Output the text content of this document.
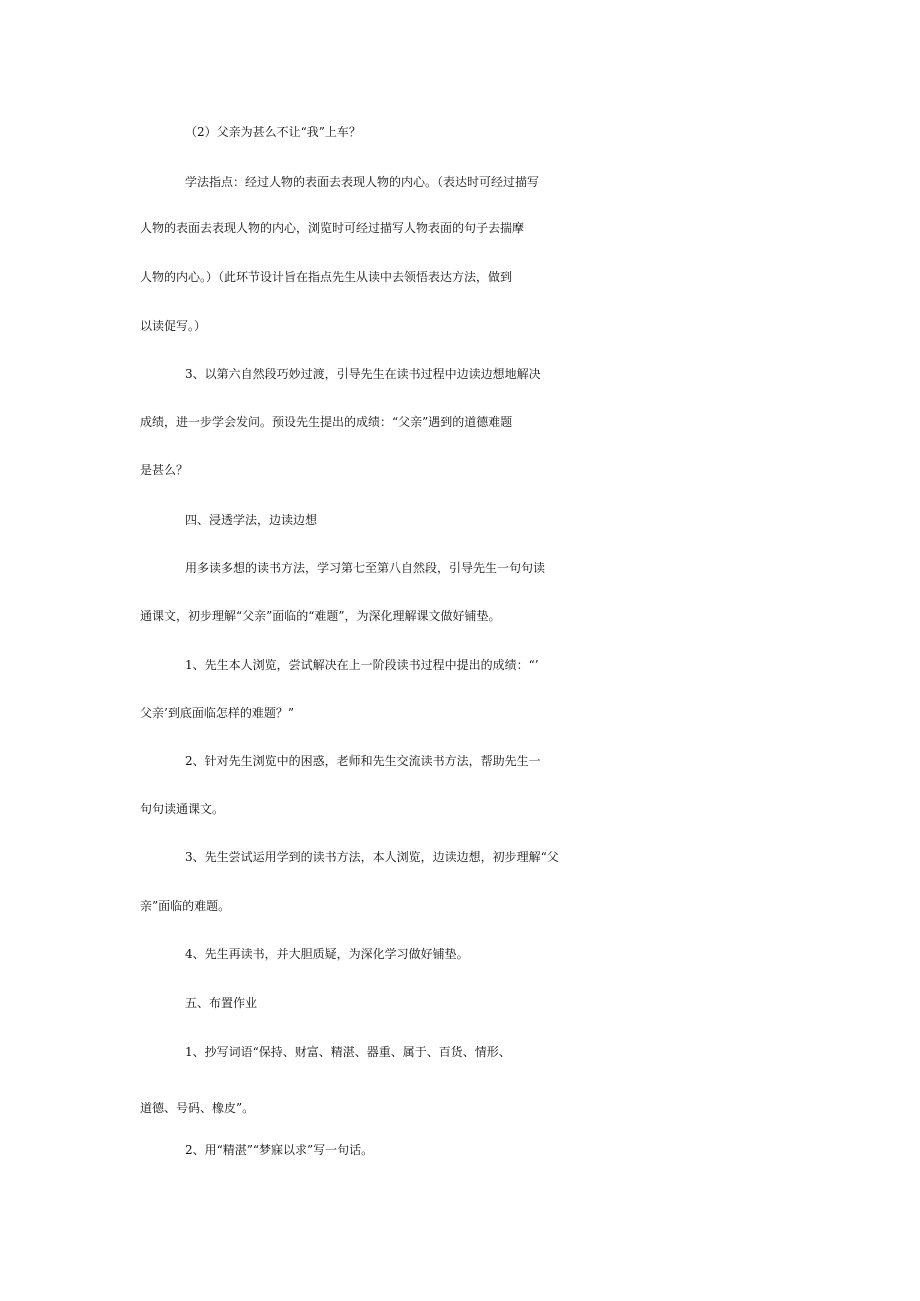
（2）父亲为甚么不让“我”上车？
学法指点：经过人物的表面去表现人物的内心。（表达时可经过描写
人物的表面去表现人物的内心，浏览时可经过描写人物表面的句子去揣摩
人物的内心。）（此环节设计旨在指点先生从读中去领悟表达方法，做到
以读促写。）
3、以第六自然段巧妙过渡，引导先生在读书过程中边读边想地解决
成绩，进一步学会发问。预设先生提出的成绩：“父亲”遇到的道德难题
是甚么？
四、浸透学法，边读边想
用多读多想的读书方法，学习第七至第八自然段，引导先生一句句读
通课文，初步理解“父亲”面临的“难题”，为深化理解课文做好铺垫。
1、先生本人浏览，尝试解决在上一阶段读书过程中提出的成绩：“’
父亲’到底面临怎样的难题？”
2、针对先生浏览中的困惑，老师和先生交流读书方法，帮助先生一
句句读通课文。
3、先生尝试运用学到的读书方法，本人浏览，边读边想，初步理解“父
亲”面临的难题。
4、先生再读书，并大胆质疑，为深化学习做好铺垫。
五、布置作业
1、抄写词语“保持、财富、精湛、器重、属于、百货、情形、
道德、号码、橡皮”。
2、用“精湛”“梦寐以求”写一句话。
